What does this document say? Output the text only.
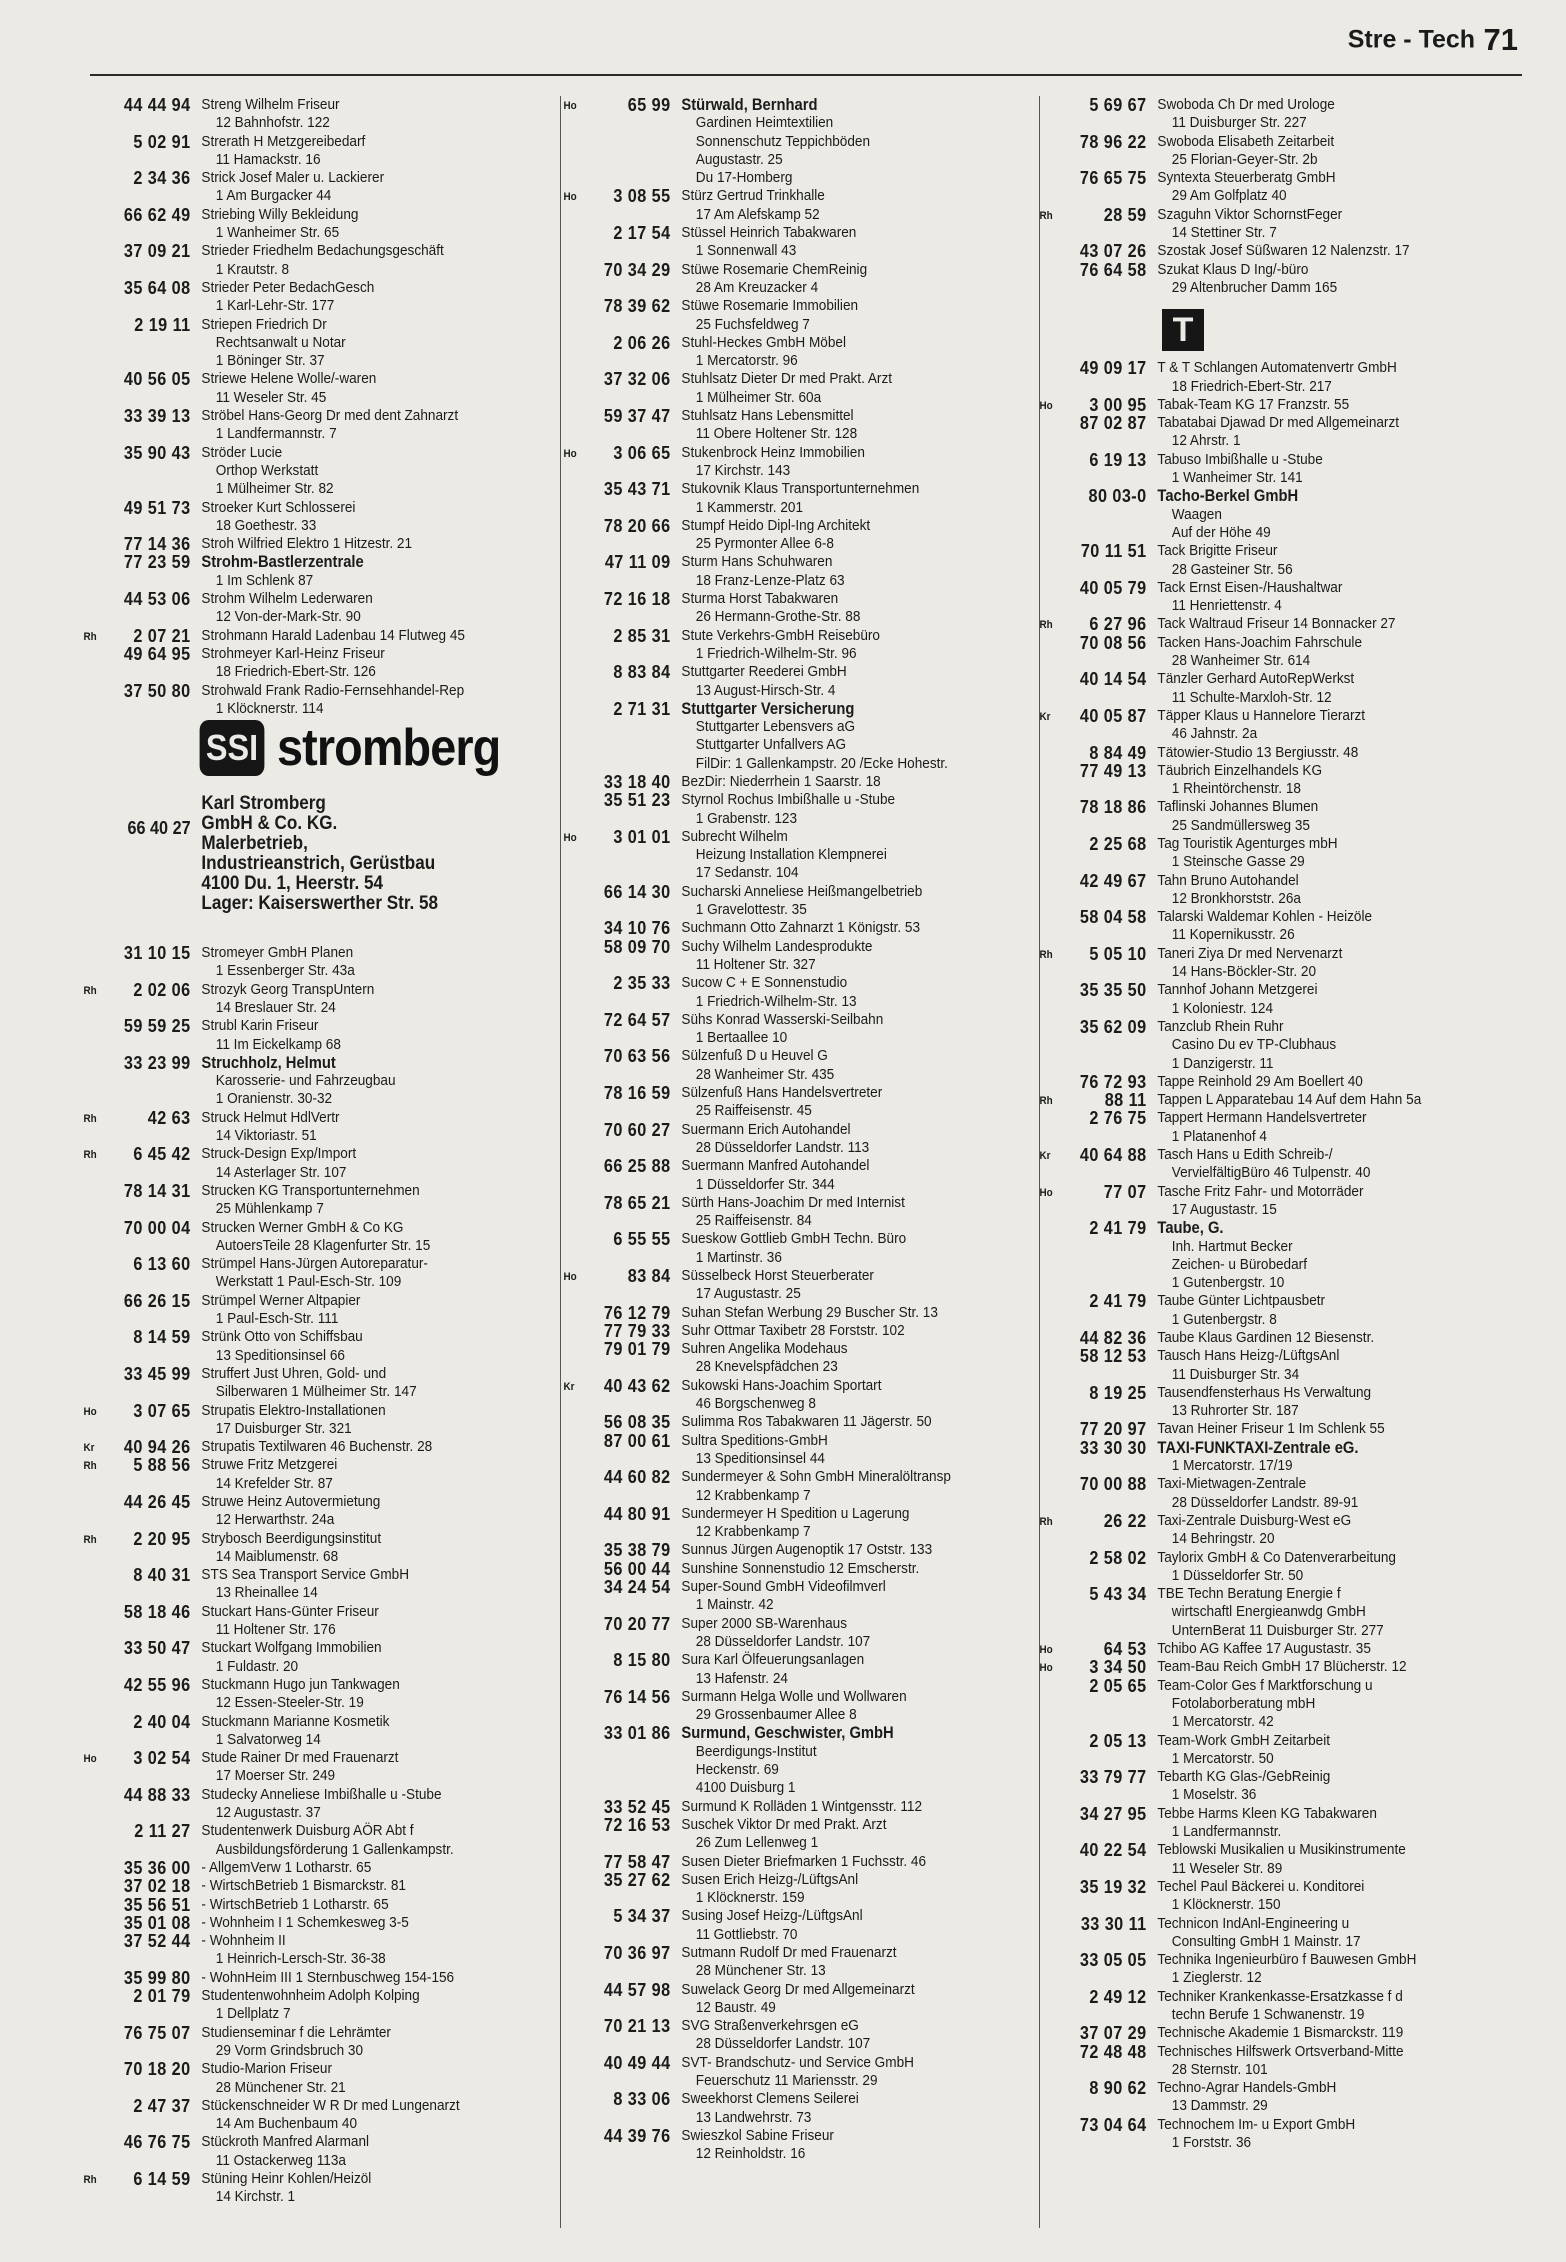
Stre - Tech 71
44 44 94 Streng Wilhelm Friseur
12 Bahnhofstr. 122
5 02 91 Strerath H Metzgereibedarf
11 Hamackstr. 16
2 34 36 Strick Josef Maler u. Lackierer
1 Am Burgacker 44
66 62 49 Striebing Willy Bekleidung
1 Wanheimer Str. 65
37 09 21 Strieder Friedhelm Bedachungsgeschäft
1 Krautstr. 8
35 64 08 Strieder Peter BedachGesch
1 Karl-Lehr-Str. 177
2 19 11 Striepen Friedrich Dr
Rechtsanwalt u Notar
1 Böninger Str. 37
40 56 05 Striewe Helene Wolle/-waren
11 Weseler Str. 45
33 39 13 Ströbel Hans-Georg Dr med dent Zahnarzt
1 Landfermannstr. 7
35 90 43 Ströder Lucie
Orthop Werkstatt
1 Mülheimer Str. 82
49 51 73 Stroeker Kurt Schlosserei
18 Goethestr. 33
77 14 36 Stroh Wilfried Elektro 1 Hitzestr. 21
77 23 59 Strohm-Bastlerzentrale
1 Im Schlenk 87
44 53 06 Strohm Wilhelm Lederwaren
12 Von-der-Mark-Str. 90
Rh	2 07 21 Strohmann Harald Ladenbau 14 Flutweg 45
49 64 95 Strohmeyer Karl-Heinz Friseur
18 Friedrich-Ebert-Str. 126
37 50 80 Strohwald Frank Radio-Fernsehhandel-Rep
1 Klöcknerstr. 114
66 40 27
SSI stromberg
Karl Stromberg
GmbH & Co. KG.
Malerbetrieb,
Industrieanstrich, Gerüstbau
4100 Du. 1, Heerstr. 54
Lager: Kaiserswerther Str. 58
31 10 15 Stromeyer GmbH Planen
1 Essenberger Str. 43a
Rh	2 02 06 Strozyk Georg TranspUntern
14 Breslauer Str. 24
59 59 25 Strubl Karin Friseur
11 Im Eickelkamp 68
33 23 99 Struchholz, Helmut
Karosserie- und Fahrzeugbau
1 Oranienstr. 30-32
Rh	42 63 Struck Helmut HdlVertr
14 Viktoriastr. 51
Rh	6 45 42 Struck-Design Exp/Import
14 Asterlager Str. 107
78 14 31 Strucken KG Transportunternehmen
25 Mühlenkamp 7
70 00 04 Strucken Werner GmbH & Co KG
AutoersTeile 28 Klagenfurter Str. 15
6 13 60 Strümpel Hans-Jürgen Autoreparatur-
Werkstatt 1 Paul-Esch-Str. 109
66 26 15 Strümpel Werner Altpapier
1 Paul-Esch-Str. 111
8 14 59 Strünk Otto von Schiffsbau
13 Speditionsinsel 66
33 45 99 Struffert Just Uhren, Gold- und
Silberwaren 1 Mülheimer Str. 147
Ho	3 07 65 Strupatis Elektro-Installationen
17 Duisburger Str. 321
Kr	40 94 26 Strupatis Textilwaren 46 Buchenstr. 28
Rh	5 88 56 Struwe Fritz Metzgerei
14 Krefelder Str. 87
44 26 45 Struwe Heinz Autovermietung
12 Herwarthstr. 24a
Rh	2 20 95 Strybosch Beerdigungsinstitut
14 Maiblumenstr. 68
8 40 31 STS Sea Transport Service GmbH
13 Rheinallee 14
58 18 46 Stuckart Hans-Günter Friseur
11 Holtener Str. 176
33 50 47 Stuckart Wolfgang Immobilien
1 Fuldastr. 20
42 55 96 Stuckmann Hugo jun Tankwagen
12 Essen-Steeler-Str. 19
2 40 04 Stuckmann Marianne Kosmetik
1 Salvatorweg 14
Ho	3 02 54 Stude Rainer Dr med Frauenarzt
17 Moerser Str. 249
44 88 33 Studecky Anneliese Imbißhalle u -Stube
12 Augustastr. 37
2 11 27 Studentenwerk Duisburg AÖR Abt f
Ausbildungsförderung 1 Gallenkampstr.
35 36 00 - AllgemVerw 1 Lotharstr. 65
37 02 18 - WirtschBetrieb 1 Bismarckstr. 81
35 56 51 - WirtschBetrieb 1 Lotharstr. 65
35 01 08 - Wohnheim I 1 Schemkesweg 3-5
37 52 44 - Wohnheim II
1 Heinrich-Lersch-Str. 36-38
35 99 80 - WohnHeim III 1 Sternbuschweg 154-156
2 01 79 Studentenwohnheim Adolph Kolping
1 Dellplatz 7
76 75 07 Studienseminar f die Lehrämter
29 Vorm Grindsbruch 30
70 18 20 Studio-Marion Friseur
28 Münchener Str. 21
2 47 37 Stückenschneider W R Dr med Lungenarzt
14 Am Buchenbaum 40
46 76 75 Stückroth Manfred Alarmanl
11 Ostackerweg 113a
Rh	6 14 59 Stüning Heinr Kohlen/Heizöl
14 Kirchstr. 1
Ho	65 99 Stürwald, Bernhard
Gardinen Heimtextilien
Sonnenschutz Teppichböden
Augustastr. 25
Du 17-Homberg
Ho	3 08 55 Stürz Gertrud Trinkhalle
17 Am Alefskamp 52
2 17 54 Stüssel Heinrich Tabakwaren
1 Sonnenwall 43
70 34 29 Stüwe Rosemarie ChemReinig
28 Am Kreuzacker 4
78 39 62 Stüwe Rosemarie Immobilien
25 Fuchsfeldweg 7
2 06 26 Stuhl-Heckes GmbH Möbel
1 Mercatorstr. 96
37 32 06 Stuhlsatz Dieter Dr med Prakt. Arzt
1 Mülheimer Str. 60a
59 37 47 Stuhlsatz Hans Lebensmittel
11 Obere Holtener Str. 128
Ho	3 06 65 Stukenbrock Heinz Immobilien
17 Kirchstr. 143
35 43 71 Stukovnik Klaus Transportunternehmen
1 Kammerstr. 201
78 20 66 Stumpf Heido Dipl-Ing Architekt
25 Pyrmonter Allee 6-8
47 11 09 Sturm Hans Schuhwaren
18 Franz-Lenze-Platz 63
72 16 18 Sturma Horst Tabakwaren
26 Hermann-Grothe-Str. 88
2 85 31 Stute Verkehrs-GmbH Reisebüro
1 Friedrich-Wilhelm-Str. 96
8 83 84 Stuttgarter Reederei GmbH
13 August-Hirsch-Str. 4
2 71 31 Stuttgarter Versicherung
Stuttgarter Lebensvers aG
Stuttgarter Unfallvers AG
FilDir: 1 Gallenkampstr. 20 /Ecke Hohestr.
33 18 40 BezDir: Niederrhein 1 Saarstr. 18
35 51 23 Styrnol Rochus Imbißhalle u -Stube
1 Grabenstr. 123
Ho	3 01 01 Subrecht Wilhelm
Heizung Installation Klempnerei
17 Sedanstr. 104
66 14 30 Sucharski Anneliese Heißmangelbetrieb
1 Gravelottestr. 35
34 10 76 Suchmann Otto Zahnarzt 1 Königstr. 53
58 09 70 Suchy Wilhelm Landesprodukte
11 Holtener Str. 327
2 35 33 Sucow C + E Sonnenstudio
1 Friedrich-Wilhelm-Str. 13
72 64 57 Sühs Konrad Wasserski-Seilbahn
1 Bertaallee 10
70 63 56 Sülzenfuß D u Heuvel G
28 Wanheimer Str. 435
78 16 59 Sülzenfuß Hans Handelsvertreter
25 Raiffeisenstr. 45
70 60 27 Suermann Erich Autohandel
28 Düsseldorfer Landstr. 113
66 25 88 Suermann Manfred Autohandel
1 Düsseldorfer Str. 344
78 65 21 Sürth Hans-Joachim Dr med Internist
25 Raiffeisenstr. 84
6 55 55 Sueskow Gottlieb GmbH Techn. Büro
1 Martinstr. 36
Ho	83 84 Süsselbeck Horst Steuerberater
17 Augustastr. 25
76 12 79 Suhan Stefan Werbung 29 Buscher Str. 13
77 79 33 Suhr Ottmar Taxibetr 28 Forststr. 102
79 01 79 Suhren Angelika Modehaus
28 Knevelspfädchen 23
Kr	40 43 62 Sukowski Hans-Joachim Sportart
46 Borgschenweg 8
56 08 35 Sulimma Ros Tabakwaren 11 Jägerstr. 50
87 00 61 Sultra Speditions-GmbH
13 Speditionsinsel 44
44 60 82 Sundermeyer & Sohn GmbH Mineralöltransp
12 Krabbenkamp 7
44 80 91 Sundermeyer H Spedition u Lagerung
12 Krabbenkamp 7
35 38 79 Sunnus Jürgen Augenoptik 17 Oststr. 133
56 00 44 Sunshine Sonnenstudio 12 Emscherstr.
34 24 54 Super-Sound GmbH Videofilmverl
1 Mainstr. 42
70 20 77 Super 2000 SB-Warenhaus
28 Düsseldorfer Landstr. 107
8 15 80 Sura Karl Ölfeuerungsanlagen
13 Hafenstr. 24
76 14 56 Surmann Helga Wolle und Wollwaren
29 Grossenbaumer Allee 8
33 01 86 Surmund, Geschwister, GmbH
Beerdigungs-Institut
Heckenstr. 69
4100 Duisburg 1
33 52 45 Surmund K Rolläden 1 Wintgensstr. 112
72 16 53 Suschek Viktor Dr med Prakt. Arzt
26 Zum Lellenweg 1
77 58 47 Susen Dieter Briefmarken 1 Fuchsstr. 46
35 27 62 Susen Erich Heizg-/LüftgsAnl
1 Klöcknerstr. 159
5 34 37 Susing Josef Heizg-/LüftgsAnl
11 Gottliebstr. 70
70 36 97 Sutmann Rudolf Dr med Frauenarzt
28 Münchener Str. 13
44 57 98 Suwelack Georg Dr med Allgemeinarzt
12 Baustr. 49
70 21 13 SVG Straßenverkehrsgen eG
28 Düsseldorfer Landstr. 107
40 49 44 SVT- Brandschutz- und Service GmbH
Feuerschutz 11 Mariensstr. 29
8 33 06 Sweekhorst Clemens Seilerei
13 Landwehrstr. 73
44 39 76 Swieszkol Sabine Friseur
12 Reinholdstr. 16
5 69 67 Swoboda Ch Dr med Urologe
11 Duisburger Str. 227
78 96 22 Swoboda Elisabeth Zeitarbeit
25 Florian-Geyer-Str. 2b
76 65 75 Syntexta Steuerberatg GmbH
29 Am Golfplatz 40
Rh	28 59 Szaguhn Viktor SchornstFeger
14 Stettiner Str. 7
43 07 26 Szostak Josef Süßwaren 12 Nalenzstr. 17
76 64 58 Szukat Klaus D Ing/-büro
29 Altenbrucher Damm 165
T
49 09 17 T & T Schlangen Automatenvertr GmbH
18 Friedrich-Ebert-Str. 217
Ho	3 00 95 Tabak-Team KG 17 Franzstr. 55
87 02 87 Tabatabai Djawad Dr med Allgemeinarzt
12 Ahrstr. 1
6 19 13 Tabuso Imbißhalle u -Stube
1 Wanheimer Str. 141
80 03-0 Tacho-Berkel GmbH
Waagen
Auf der Höhe 49
70 11 51 Tack Brigitte Friseur
28 Gasteiner Str. 56
40 05 79 Tack Ernst Eisen-/Haushaltwar
11 Henriettenstr. 4
Rh	6 27 96 Tack Waltraud Friseur 14 Bonnacker 27
70 08 56 Tacken Hans-Joachim Fahrschule
28 Wanheimer Str. 614
40 14 54 Tänzler Gerhard AutoRepWerkst
11 Schulte-Marxloh-Str. 12
Kr	40 05 87 Täpper Klaus u Hannelore Tierarzt
46 Jahnstr. 2a
8 84 49 Tätowier-Studio 13 Bergiusstr. 48
77 49 13 Täubrich Einzelhandels KG
1 Rheintörchenstr. 18
78 18 86 Taflinski Johannes Blumen
25 Sandmüllersweg 35
2 25 68 Tag Touristik Agenturges mbH
1 Steinsche Gasse 29
42 49 67 Tahn Bruno Autohandel
12 Bronkhorststr. 26a
58 04 58 Talarski Waldemar Kohlen - Heizöle
11 Kopernikusstr. 26
Rh	5 05 10 Taneri Ziya Dr med Nervenarzt
14 Hans-Böckler-Str. 20
35 35 50 Tannhof Johann Metzgerei
1 Koloniestr. 124
35 62 09 Tanzclub Rhein Ruhr
Casino Du ev TP-Clubhaus
1 Danzigerstr. 11
76 72 93 Tappe Reinhold 29 Am Boellert 40
Rh	88 11 Tappen L Apparatebau 14 Auf dem Hahn 5a
2 76 75 Tappert Hermann Handelsvertreter
1 Platanenhof 4
Kr	40 64 88 Tasch Hans u Edith Schreib-/
VervielfältigBüro 46 Tulpenstr. 40
Ho	77 07 Tasche Fritz Fahr- und Motorräder
17 Augustastr. 15
2 41 79 Taube, G.
Inh. Hartmut Becker
Zeichen- u Bürobedarf
1 Gutenbergstr. 10
2 41 79 Taube Günter Lichtpausbetr
1 Gutenbergstr. 8
44 82 36 Taube Klaus Gardinen 12 Biesenstr.
58 12 53 Tausch Hans Heizg-/LüftgsAnl
11 Duisburger Str. 34
8 19 25 Tausendfensterhaus Hs Verwaltung
13 Ruhrorter Str. 187
77 20 97 Tavan Heiner Friseur 1 Im Schlenk 55
33 30 30 TAXI-FUNKTAXI-Zentrale eG.
1 Mercatorstr. 17/19
70 00 88 Taxi-Mietwagen-Zentrale
28 Düsseldorfer Landstr. 89-91
Rh	26 22 Taxi-Zentrale Duisburg-West eG
14 Behringstr. 20
2 58 02 Taylorix GmbH & Co Datenverarbeitung
1 Düsseldorfer Str. 50
5 43 34 TBE Techn Beratung Energie f
wirtschaftl Energieanwdg GmbH
UnternBerat 11 Duisburger Str. 277
Ho	64 53 Tchibo AG Kaffee 17 Augustastr. 35
Ho	3 34 50 Team-Bau Reich GmbH 17 Blücherstr. 12
2 05 65 Team-Color Ges f Marktforschung u
Fotolaborberatung mbH
1 Mercatorstr. 42
2 05 13 Team-Work GmbH Zeitarbeit
1 Mercatorstr. 50
33 79 77 Tebarth KG Glas-/GebReinig
1 Moselstr. 36
34 27 95 Tebbe Harms Kleen KG Tabakwaren
1 Landfermannstr.
40 22 54 Teblowski Musikalien u Musikinstrumente
11 Weseler Str. 89
35 19 32 Techel Paul Bäckerei u. Konditorei
1 Klöcknerstr. 150
33 30 11 Technicon IndAnl-Engineering u
Consulting GmbH 1 Mainstr. 17
33 05 05 Technika Ingenieurbüro f Bauwesen GmbH
1 Zieglerstr. 12
2 49 12 Techniker Krankenkasse-Ersatzkasse f d
techn Berufe 1 Schwanenstr. 19
37 07 29 Technische Akademie 1 Bismarckstr. 119
72 48 48 Technisches Hilfswerk Ortsverband-Mitte
28 Sternstr. 101
8 90 62 Techno-Agrar Handels-GmbH
13 Dammstr. 29
73 04 64 Technochem Im- u Export GmbH
1 Forststr. 36
